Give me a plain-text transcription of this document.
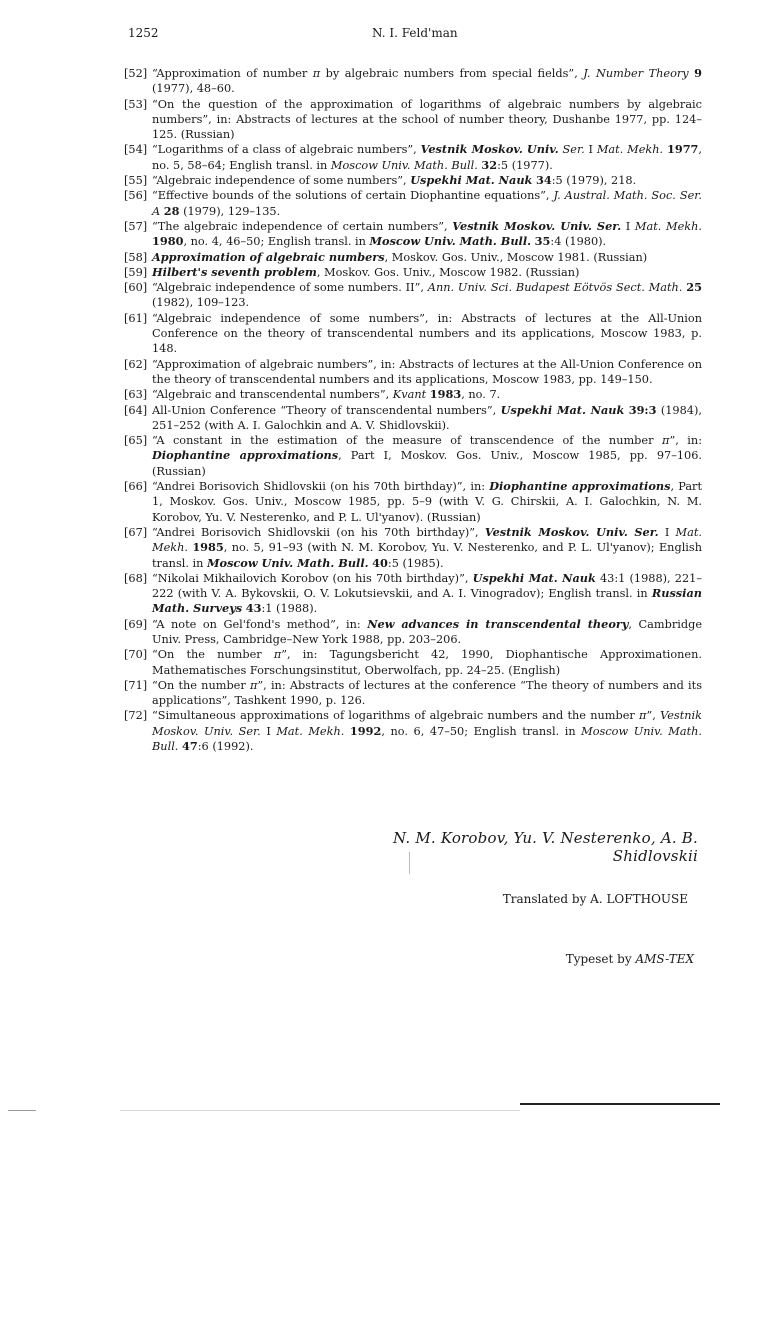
1252	N. I. Feld'man
[52] “Approximation of number π by algebraic numbers from special fields”, J. Number Theory 9 (1977), 48–60.
[53] “On the question of the approximation of logarithms of algebraic numbers by algebraic numbers”, in: Abstracts of lectures at the school of number theory, Dushanbe 1977, pp. 124–125. (Russian)
[54] “Logarithms of a class of algebraic numbers”, Vestnik Moskov. Univ. Ser. I Mat. Mekh. 1977, no. 5, 58–64; English transl. in Moscow Univ. Math. Bull. 32:5 (1977).
[55] “Algebraic independence of some numbers”, Uspekhi Mat. Nauk 34:5 (1979), 218.
[56] “Effective bounds of the solutions of certain Diophantine equations”, J. Austral. Math. Soc. Ser. A 28 (1979), 129–135.
[57] “The algebraic independence of certain numbers”, Vestnik Moskov. Univ. Ser. I Mat. Mekh. 1980, no. 4, 46–50; English transl. in Moscow Univ. Math. Bull. 35:4 (1980).
[58] Approximation of algebraic numbers, Moskov. Gos. Univ., Moscow 1981. (Russian)
[59] Hilbert's seventh problem, Moskov. Gos. Univ., Moscow 1982. (Russian)
[60] “Algebraic independence of some numbers. II”, Ann. Univ. Sci. Budapest Eötvös Sect. Math. 25 (1982), 109–123.
[61] “Algebraic independence of some numbers”, in: Abstracts of lectures at the All-Union Conference on the theory of transcendental numbers and its applications, Moscow 1983, p. 148.
[62] “Approximation of algebraic numbers”, in: Abstracts of lectures at the All-Union Conference on the theory of transcendental numbers and its applications, Moscow 1983, pp. 149–150.
[63] “Algebraic and transcendental numbers”, Kvant 1983, no. 7.
[64] All-Union Conference “Theory of transcendental numbers”, Uspekhi Mat. Nauk 39:3 (1984), 251–252 (with A. I. Galochkin and A. V. Shidlovskii).
[65] “A constant in the estimation of the measure of transcendence of the number π”, in: Diophantine approximations, Part I, Moskov. Gos. Univ., Moscow 1985, pp. 97–106. (Russian)
[66] “Andrei Borisovich Shidlovskii (on his 70th birthday)”, in: Diophantine approximations, Part 1, Moskov. Gos. Univ., Moscow 1985, pp. 5–9 (with V. G. Chirskii, A. I. Galochkin, N. M. Korobov, Yu. V. Nesterenko, and P. L. Ul'yanov). (Russian)
[67] “Andrei Borisovich Shidlovskii (on his 70th birthday)”, Vestnik Moskov. Univ. Ser. I Mat. Mekh. 1985, no. 5, 91–93 (with N. M. Korobov, Yu. V. Nesterenko, and P. L. Ul'yanov); English transl. in Moscow Univ. Math. Bull. 40:5 (1985).
[68] “Nikolai Mikhailovich Korobov (on his 70th birthday)”, Uspekhi Mat. Nauk 43:1 (1988), 221–222 (with V. A. Bykovskii, O. V. Lokutsievskii, and A. I. Vinogradov); English transl. in Russian Math. Surveys 43:1 (1988).
[69] “A note on Gel'fond's method”, in: New advances in transcendental theory, Cambridge Univ. Press, Cambridge–New York 1988, pp. 203–206.
[70] “On the number π”, in: Tagungsbericht 42, 1990, Diophantische Approximationen. Mathematisches Forschungsinstitut, Oberwolfach, pp. 24–25. (English)
[71] “On the number π”, in: Abstracts of lectures at the conference “The theory of numbers and its applications”, Tashkent 1990, p. 126.
[72] “Simultaneous approximations of logarithms of algebraic numbers and the number π”, Vestnik Moskov. Univ. Ser. I Mat. Mekh. 1992, no. 6, 47–50; English transl. in Moscow Univ. Math. Bull. 47:6 (1992).
N. M. Korobov, Yu. V. Nesterenko, A. B. Shidlovskii
Translated by A. LOFTHOUSE
Typeset by AMS-TEX
